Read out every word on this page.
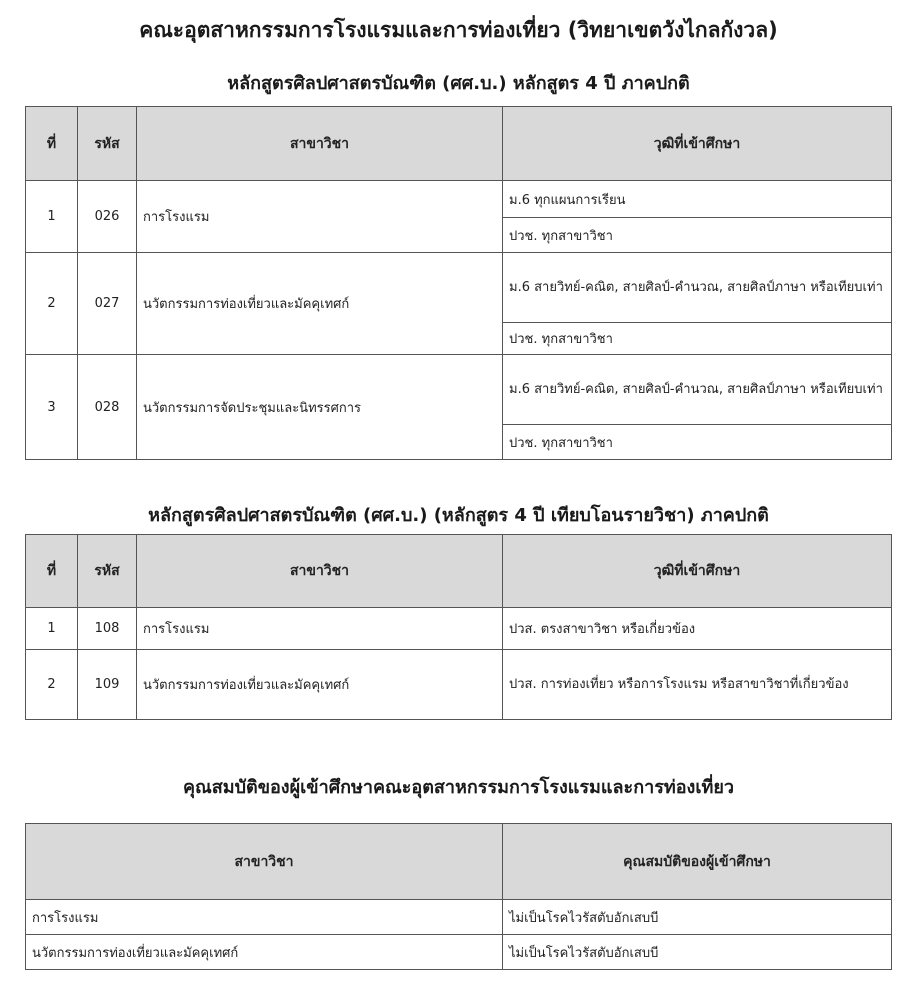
คณะอุตสาหกรรมการโรงแรมและการท่องเที่ยว (วิทยาเขตวังไกลกังวล)
หลักสูตรศิลปศาสตรบัณฑิต (ศศ.บ.) หลักสูตร 4 ปี ภาคปกติ
ที่	รหัส	สาขาวิชา	วุฒิที่เข้าศึกษา
1	026	การโรงแรม	ม.6 ทุกแผนการเรียน
			ปวช. ทุกสาขาวิชา
2	027	นวัตกรรมการท่องเที่ยวและมัคคุเทศก์	ม.6 สายวิทย์-คณิต, สายศิลป์-คำนวณ, สายศิลป์ภาษา หรือเทียบเท่า
			ปวช. ทุกสาขาวิชา
3	028	นวัตกรรมการจัดประชุมและนิทรรศการ	ม.6 สายวิทย์-คณิต, สายศิลป์-คำนวณ, สายศิลป์ภาษา หรือเทียบเท่า
			ปวช. ทุกสาขาวิชา
หลักสูตรศิลปศาสตรบัณฑิต (ศศ.บ.) (หลักสูตร 4 ปี เทียบโอนรายวิชา) ภาคปกติ
ที่	รหัส	สาขาวิชา	วุฒิที่เข้าศึกษา
1	108	การโรงแรม	ปวส. ตรงสาขาวิชา หรือเกี่ยวข้อง
2	109	นวัตกรรมการท่องเที่ยวและมัคคุเทศก์	ปวส. การท่องเที่ยว หรือการโรงแรม หรือสาขาวิชาที่เกี่ยวข้อง
คุณสมบัติของผู้เข้าศึกษาคณะอุตสาหกรรมการโรงแรมและการท่องเที่ยว
สาขาวิชา	คุณสมบัติของผู้เข้าศึกษา
การโรงแรม	ไม่เป็นโรคไวรัสตับอักเสบบี
นวัตกรรมการท่องเที่ยวและมัคคุเทศก์	ไม่เป็นโรคไวรัสตับอักเสบบี
